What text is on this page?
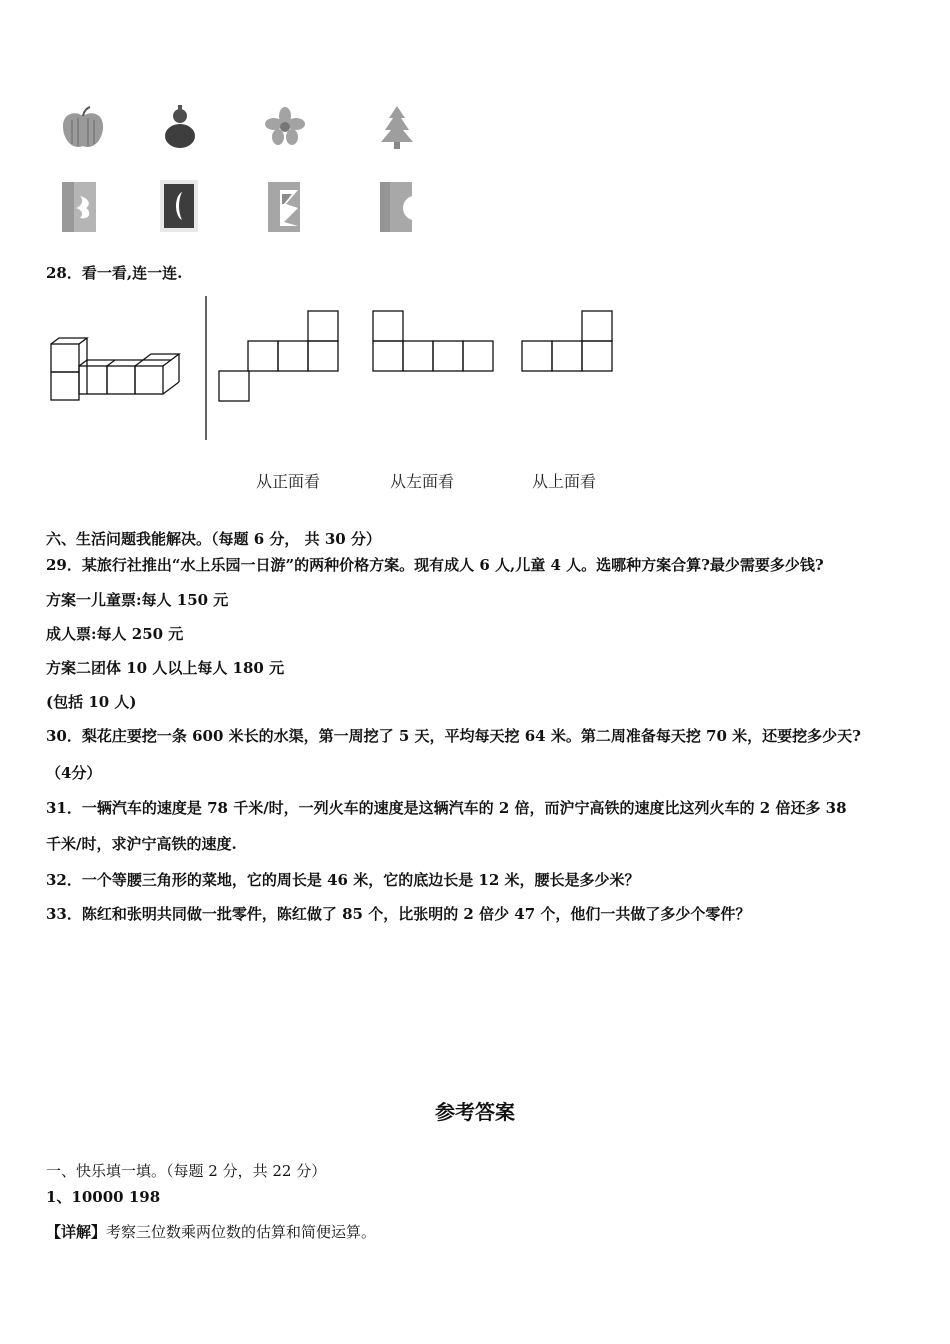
28．看一看,连一连.
从正面看	从左面看	从上面看
六、生活问题我能解决。（每题 6 分， 共 30 分）
29．某旅行社推出“水上乐园一日游”的两种价格方案。现有成人 6 人,儿童 4 人。选哪种方案合算?最少需要多少钱?
方案一儿童票:每人 150 元
成人票:每人 250 元
方案二团体 10 人以上每人 180 元
(包括 10 人)
30．梨花庄要挖一条 600 米长的水渠，第一周挖了 5 天，平均每天挖 64 米。第二周准备每天挖 70 米，还要挖多少天?
（4分）
31．一辆汽车的速度是 78 千米/时，一列火车的速度是这辆汽车的 2 倍，而沪宁高铁的速度比这列火车的 2 倍还多 38
千米/时，求沪宁高铁的速度.
32．一个等腰三角形的菜地，它的周长是 46 米，它的底边长是 12 米，腰长是多少米？
33．陈红和张明共同做一批零件，陈红做了 85 个，比张明的 2 倍少 47 个，他们一共做了多少个零件？
参考答案
一、快乐填一填。（每题 2 分，共 22 分）
1、10000 198
【详解】考察三位数乘两位数的估算和简便运算。
